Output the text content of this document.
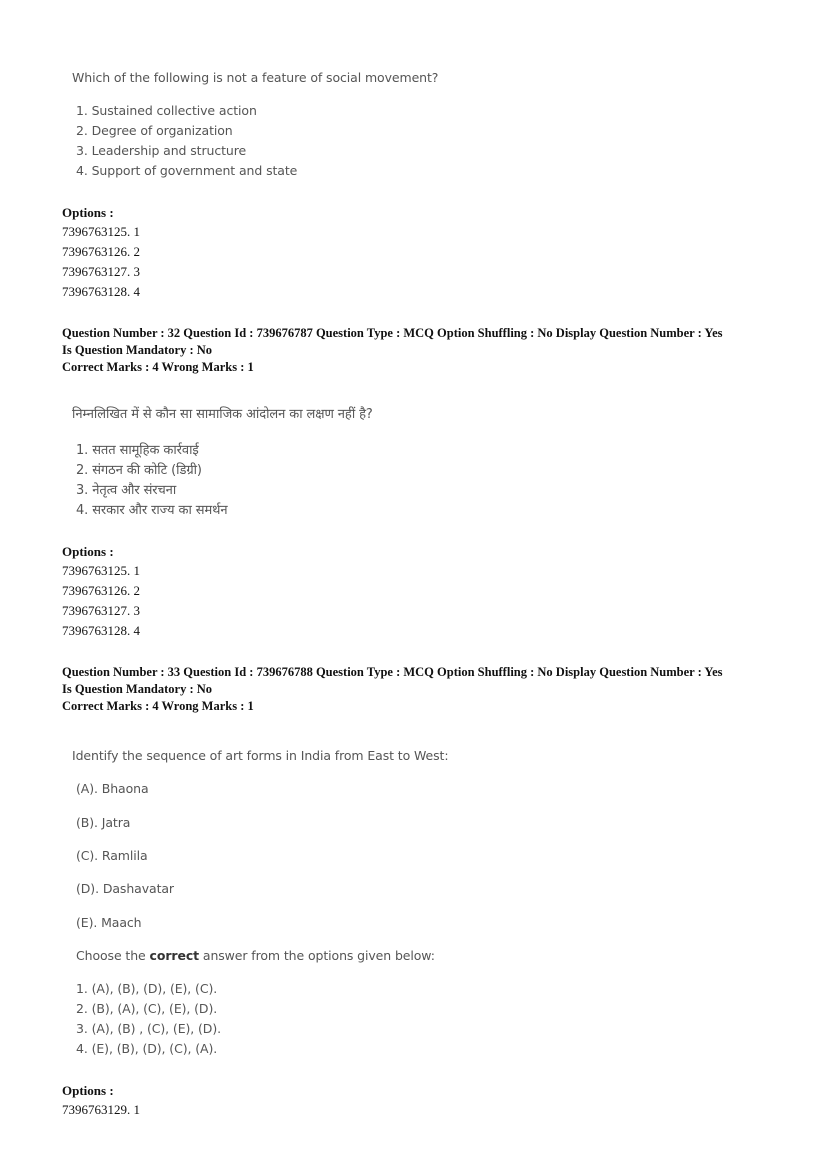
Which of the following is not a feature of social movement?
1. Sustained collective action
2. Degree of organization
3. Leadership and structure
4. Support of government and state
Options :
7396763125. 1
7396763126. 2
7396763127. 3
7396763128. 4
Question Number : 32 Question Id : 739676787 Question Type : MCQ Option Shuffling : No Display Question Number : Yes
Is Question Mandatory : No
Correct Marks : 4 Wrong Marks : 1
निम्नलिखित में से कौन सा सामाजिक आंदोलन का लक्षण नहीं है?
1. सतत सामूहिक कार्रवाई
2. संगठन की कोटि (डिग्री)
3. नेतृत्व और संरचना
4. सरकार और राज्य का समर्थन
Options :
7396763125. 1
7396763126. 2
7396763127. 3
7396763128. 4
Question Number : 33 Question Id : 739676788 Question Type : MCQ Option Shuffling : No Display Question Number : Yes
Is Question Mandatory : No
Correct Marks : 4 Wrong Marks : 1
Identify the sequence of art forms in India from East to West:
(A). Bhaona
(B). Jatra
(C). Ramlila
(D). Dashavatar
(E). Maach
Choose the correct answer from the options given below:
1. (A), (B), (D), (E), (C).
2. (B), (A), (C), (E), (D).
3. (A), (B) , (C), (E), (D).
4. (E), (B), (D), (C), (A).
Options :
7396763129. 1
